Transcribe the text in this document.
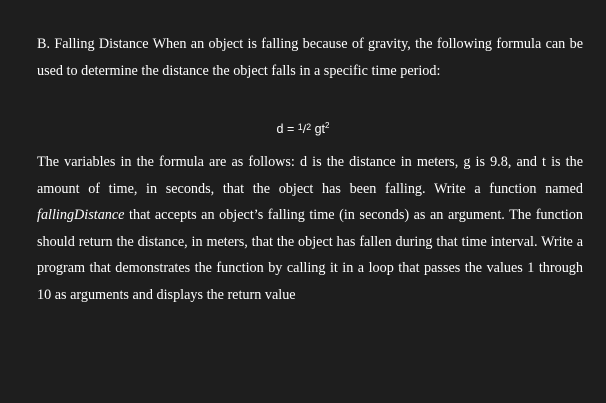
B. Falling Distance When an object is falling because of gravity, the following formula can be used to determine the distance the object falls in a specific time period:

d = $^1$/$^2$ $gt^2$

The variables in the formula are as follows: d is the distance in meters, g is 9.8, and t is the amount of time, in seconds, that the object has been falling. Write a function named fallingDistance that accepts an object’s falling time (in seconds) as an argument. The function should return the distance, in meters, that the object has fallen during that time interval. Write a program that demonstrates the function by calling it in a loop that passes the values 1 through 10 as arguments and displays the return value
